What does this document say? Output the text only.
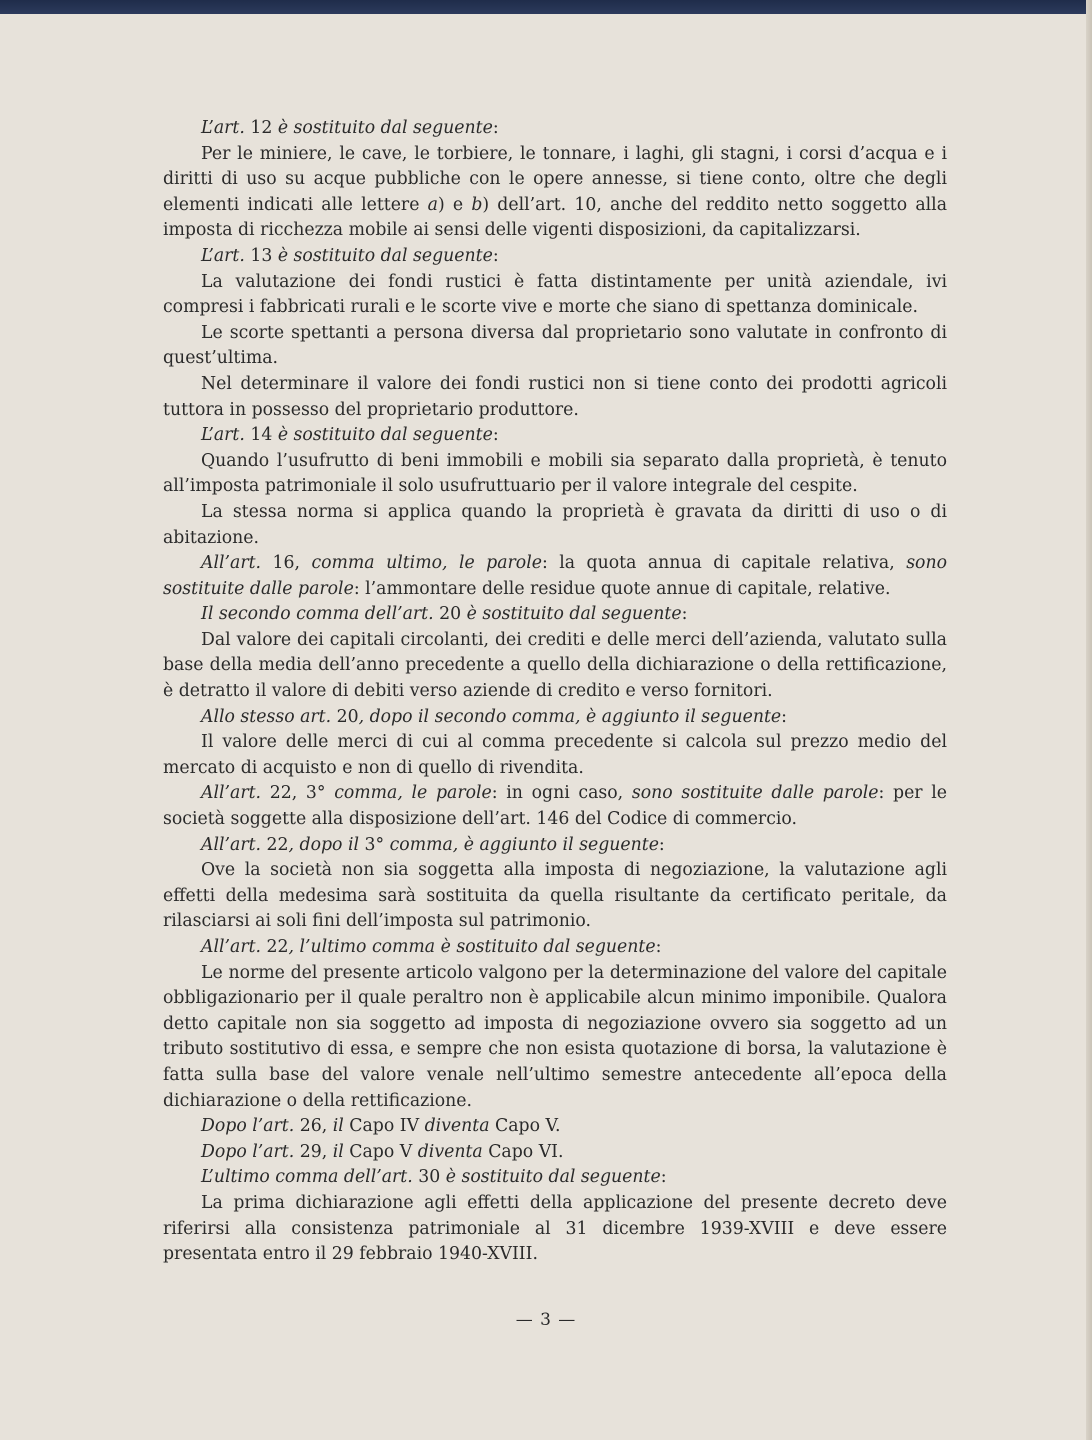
L’art. 12 è sostituito dal seguente:

Per le miniere, le cave, le torbiere, le tonnare, i laghi, gli stagni, i corsi d’acqua e i diritti di uso su acque pubbliche con le opere annesse, si tiene conto, oltre che degli elementi indicati alle lettere a) e b) dell’art. 10, anche del reddito netto soggetto alla imposta di ricchezza mobile ai sensi delle vigenti disposizioni, da capitalizzarsi.

L’art. 13 è sostituito dal seguente:

La valutazione dei fondi rustici è fatta distintamente per unità aziendale, ivi compresi i fabbricati rurali e le scorte vive e morte che siano di spettanza dominicale.

Le scorte spettanti a persona diversa dal proprietario sono valutate in confronto di quest’ultima.

Nel determinare il valore dei fondi rustici non si tiene conto dei prodotti agricoli tuttora in possesso del proprietario produttore.

L’art. 14 è sostituito dal seguente:

Quando l’usufrutto di beni immobili e mobili sia separato dalla proprietà, è tenuto all’imposta patrimoniale il solo usufruttuario per il valore integrale del cespite.

La stessa norma si applica quando la proprietà è gravata da diritti di uso o di abitazione.

All’art. 16, comma ultimo, le parole: la quota annua di capitale relativa, sono sostituite dalle parole: l’ammontare delle residue quote annue di capitale, relative.

Il secondo comma dell’art. 20 è sostituito dal seguente:

Dal valore dei capitali circolanti, dei crediti e delle merci dell’azienda, valutato sulla base della media dell’anno precedente a quello della dichiarazione o della rettificazione, è detratto il valore di debiti verso aziende di credito e verso fornitori.

Allo stesso art. 20, dopo il secondo comma, è aggiunto il seguente:

Il valore delle merci di cui al comma precedente si calcola sul prezzo medio del mercato di acquisto e non di quello di rivendita.

All’art. 22, 3° comma, le parole: in ogni caso, sono sostituite dalle parole: per le società soggette alla disposizione dell’art. 146 del Codice di commercio.

All’art. 22, dopo il 3° comma, è aggiunto il seguente:

Ove la società non sia soggetta alla imposta di negoziazione, la valutazione agli effetti della medesima sarà sostituita da quella risultante da certificato peritale, da rilasciarsi ai soli fini dell’imposta sul patrimonio.

All’art. 22, l’ultimo comma è sostituito dal seguente:

Le norme del presente articolo valgono per la determinazione del valore del capitale obbligazionario per il quale peraltro non è applicabile alcun minimo imponibile. Qualora detto capitale non sia soggetto ad imposta di negoziazione ovvero sia soggetto ad un tributo sostitutivo di essa, e sempre che non esista quotazione di borsa, la valutazione è fatta sulla base del valore venale nell’ultimo semestre antecedente all’epoca della dichiarazione o della rettificazione.

Dopo l’art. 26, il Capo IV diventa Capo V.

Dopo l’art. 29, il Capo V diventa Capo VI.

L’ultimo comma dell’art. 30 è sostituito dal seguente:

La prima dichiarazione agli effetti della applicazione del presente decreto deve riferirsi alla consistenza patrimoniale al 31 dicembre 1939-XVIII e deve essere presentata entro il 29 febbraio 1940-XVIII.

— 3 —
